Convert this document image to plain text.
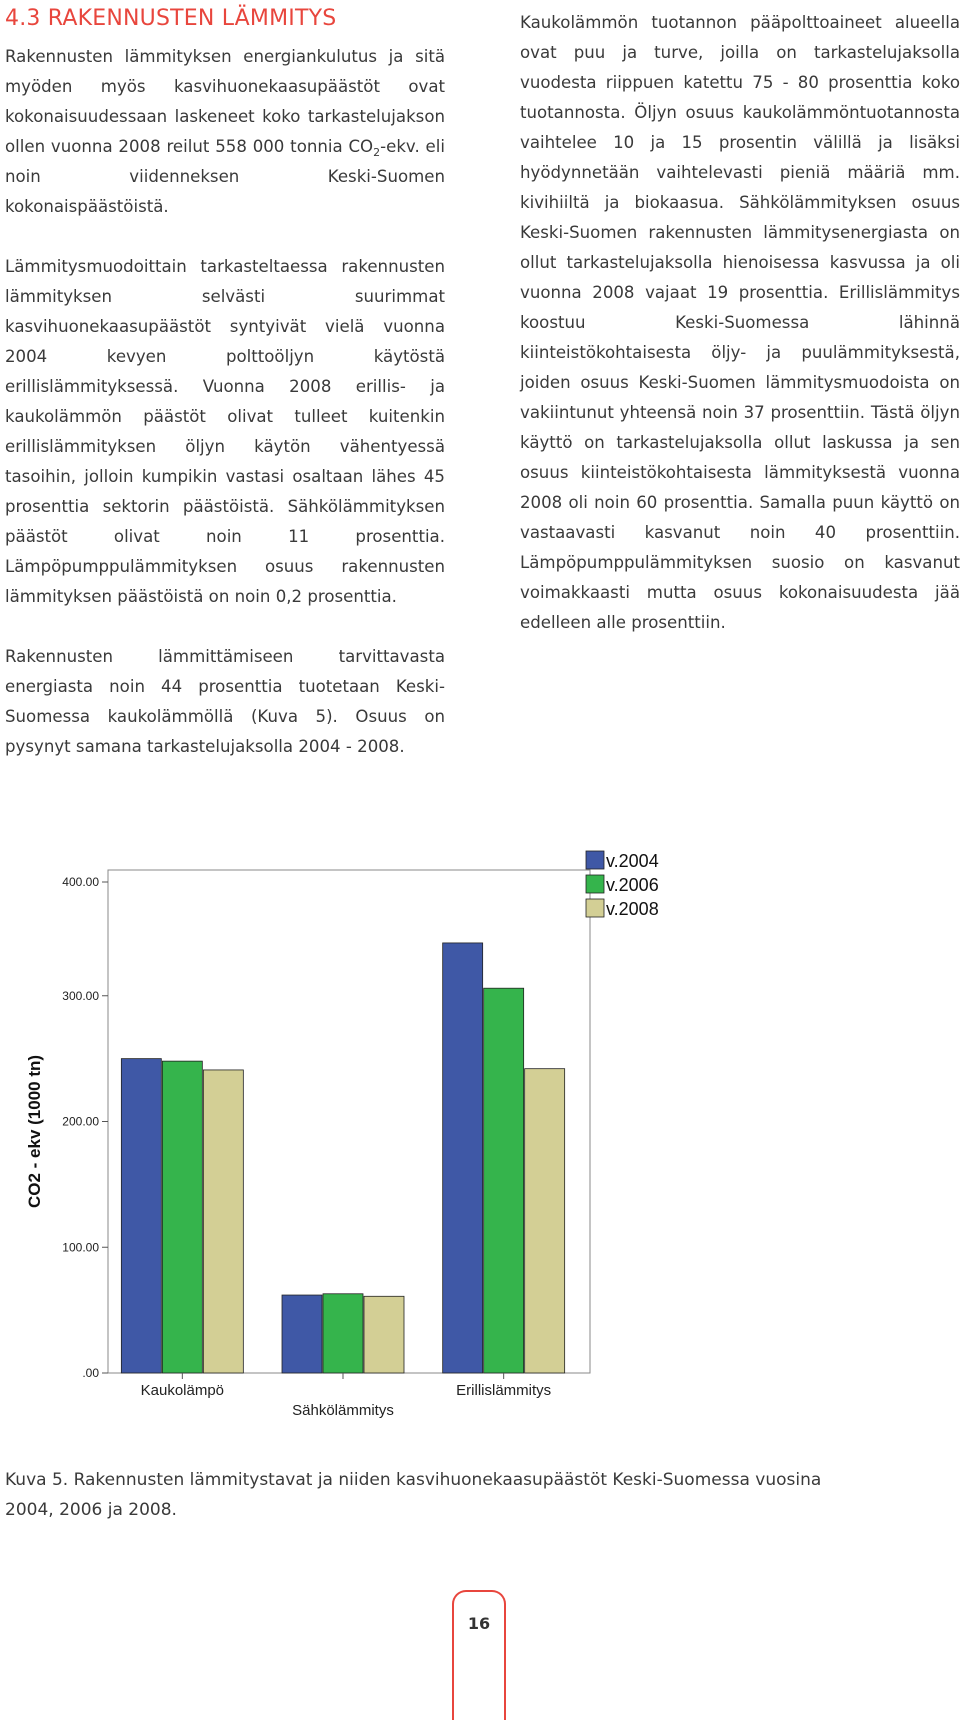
4.3 RAKENNUSTEN LÄMMITYS

Rakennusten lämmityksen energiankulutus ja sitä myöden myös kasvihuonekaasupäästöt ovat kokonaisuudessaan laskeneet koko tarkastelujakson ollen vuonna 2008 reilut 558 000 tonnia $CO_2$-ekv. eli noin viidenneksen Keski-Suomen kokonaispäästöistä.

Lämmitysmuodoittain tarkasteltaessa rakennusten lämmityksen selvästi suurimmat kasvihuonekaasupäästöt syntyivät vielä vuonna 2004 kevyen polttoöljyn käytöstä erillislämmityksessä. Vuonna 2008 erillis- ja kaukolämmön päästöt olivat tulleet kuitenkin erillislämmityksen öljyn käytön vähentyessä tasoihin, jolloin kumpikin vastasi osaltaan lähes 45 prosenttia sektorin päästöistä. Sähkölämmityksen päästöt olivat noin 11 prosenttia. Lämpöpumppulämmityksen osuus rakennusten lämmityksen päästöistä on noin 0,2 prosenttia.

Rakennusten lämmittämiseen tarvittavasta energiasta noin 44 prosenttia tuotetaan Keski-Suomessa kaukolämmöllä (Kuva 5). Osuus on pysynyt samana tarkastelujaksolla 2004 - 2008.

Kaukolämmön tuotannon pääpolttoaineet alueella ovat puu ja turve, joilla on tarkastelujaksolla vuodesta riippuen katettu 75 - 80 prosenttia koko tuotannosta. Öljyn osuus kaukolämmöntuotannosta vaihtelee 10 ja 15 prosentin välillä ja lisäksi hyödynnetään vaihtelevasti pieniä määriä mm. kivihiiltä ja biokaasua. Sähkölämmityksen osuus Keski-Suomen rakennusten lämmitysenergiasta on ollut tarkastelujaksolla hienoisessa kasvussa ja oli vuonna 2008 vajaat 19 prosenttia. Erillislämmitys koostuu Keski-Suomessa lähinnä kiinteistökohtaisesta öljy- ja puulämmityksestä, joiden osuus Keski-Suomen lämmitysmuodoista on vakiintunut yhteensä noin 37 prosenttiin. Tästä öljyn käyttö on tarkastelujaksolla ollut laskussa ja sen osuus kiinteistökohtaisesta lämmityksestä vuonna 2008 oli noin 60 prosenttia. Samalla puun käyttö on vastaavasti kasvanut noin 40 prosenttiin. Lämpöpumppulämmityksen suosio on kasvanut voimakkaasti mutta osuus kokonaisuudesta jää edelleen alle prosenttiin.

.00
100.00
200.00
300.00
400.00
CO2 - ekv (1000 tn)
Kaukolämpö
Sähkölämmitys
Erillislämmitys
v.2004
v.2006
v.2008
Kuva 5. Rakennusten lämmitystavat ja niiden kasvihuonekaasupäästöt Keski-Suomessa vuosina 2004, 2006 ja 2008.
16
